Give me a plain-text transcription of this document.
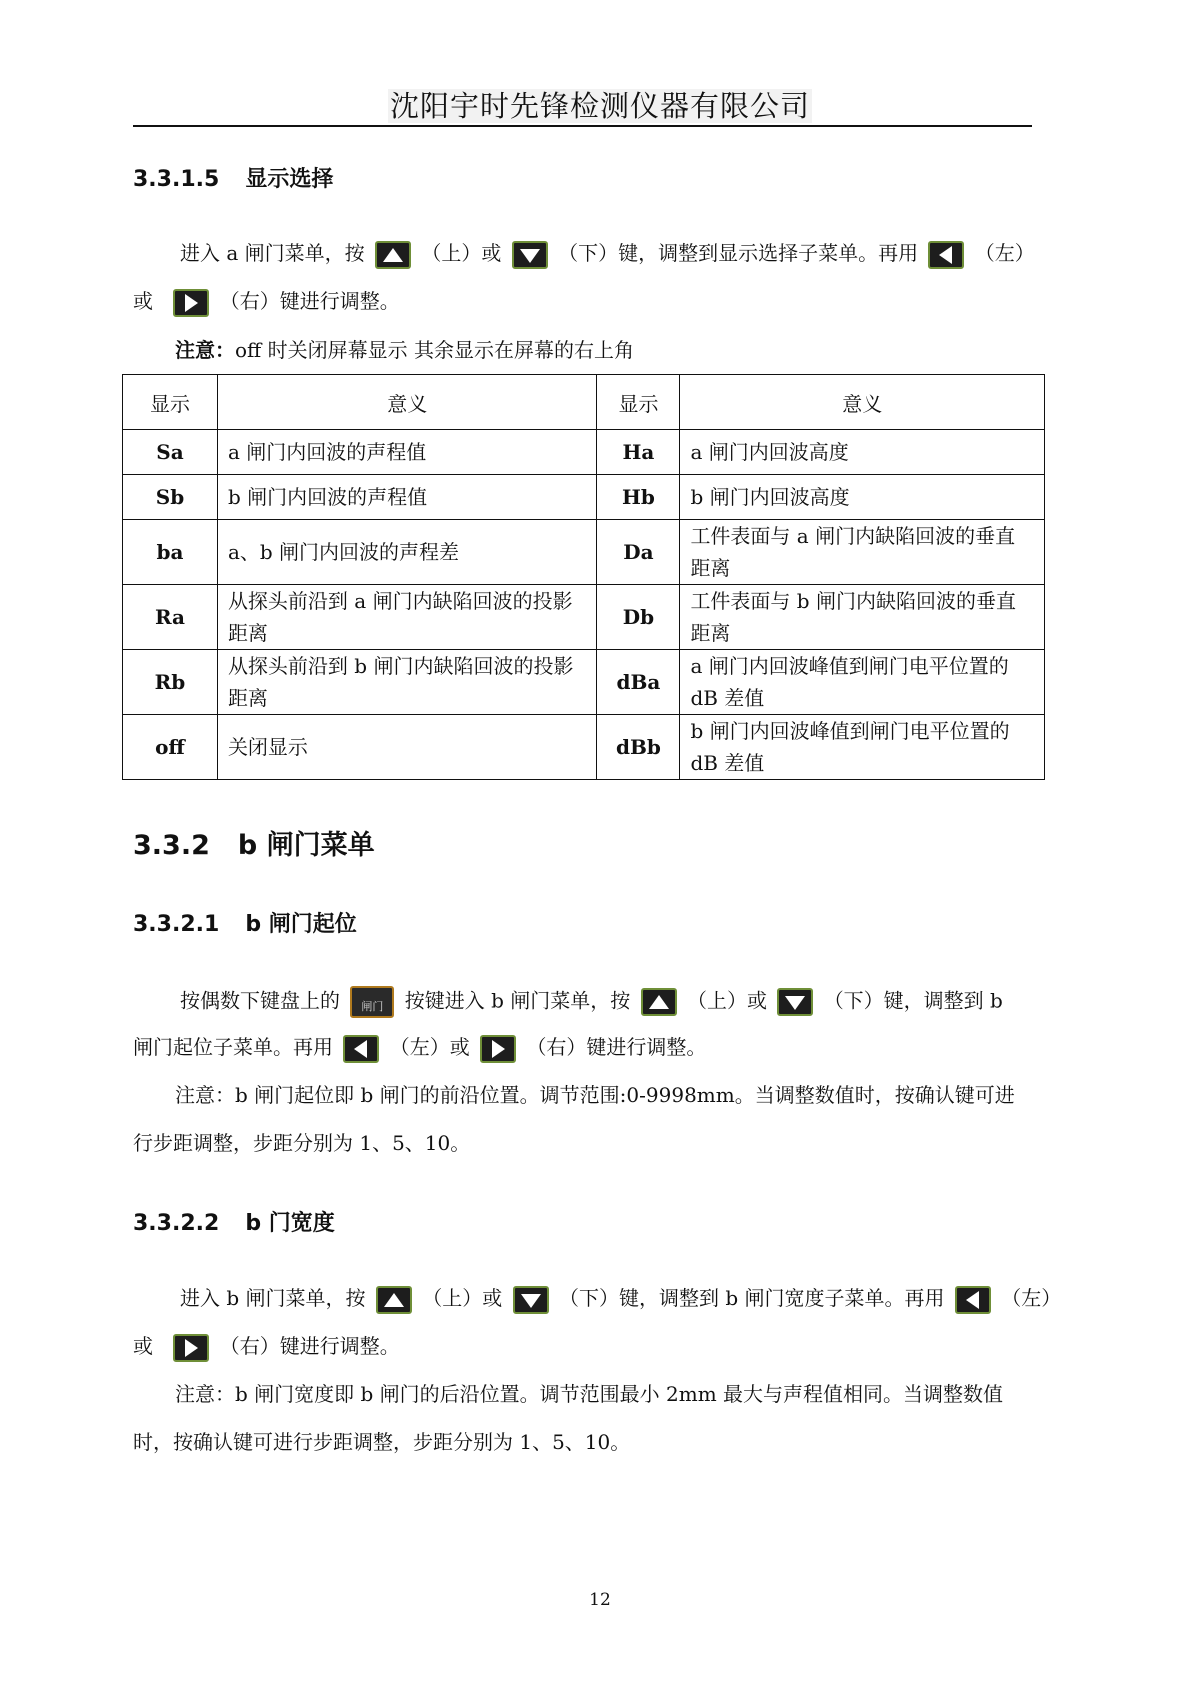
沈阳宇时先锋检测仪器有限公司
3.3.1.5 显示选择
进入 a 闸门菜单，按	（上）或	（下）键，调整到显示选择子菜单。再用	（左）
或	（右）键进行调整。
注意：off 时关闭屏幕显示 其余显示在屏幕的右上角
显示	意义	显示	意义
Sa	a 闸门内回波的声程值	Ha	a 闸门内回波高度
Sb	b 闸门内回波的声程值	Hb	b 闸门内回波高度
ba	a、b 闸门内回波的声程差	Da	工件表面与 a 闸门内缺陷回波的垂直距离
Ra	从探头前沿到 a 闸门内缺陷回波的投影距离	Db	工件表面与 b 闸门内缺陷回波的垂直距离
Rb	从探头前沿到 b 闸门内缺陷回波的投影距离	dBa	a 闸门内回波峰值到闸门电平位置的 dB 差值
off	关闭显示	dBb	b 闸门内回波峰值到闸门电平位置的 dB 差值
3.3.2 b 闸门菜单
3.3.2.1 b 闸门起位
按偶数下键盘上的	闸门	按键进入 b 闸门菜单，按	（上）或	（下）键，调整到 b
闸门起位子菜单。再用	（左）或	（右）键进行调整。
注意：b 闸门起位即 b 闸门的前沿位置。调节范围:0-9998mm。当调整数值时，按确认键可进
行步距调整，步距分别为 1、5、10。
3.3.2.2 b 门宽度
进入 b 闸门菜单，按	（上）或	（下）键，调整到 b 闸门宽度子菜单。再用	（左）
或	（右）键进行调整。
注意：b 闸门宽度即 b 闸门的后沿位置。调节范围最小 2mm 最大与声程值相同。当调整数值
时，按确认键可进行步距调整，步距分别为 1、5、10。
12
